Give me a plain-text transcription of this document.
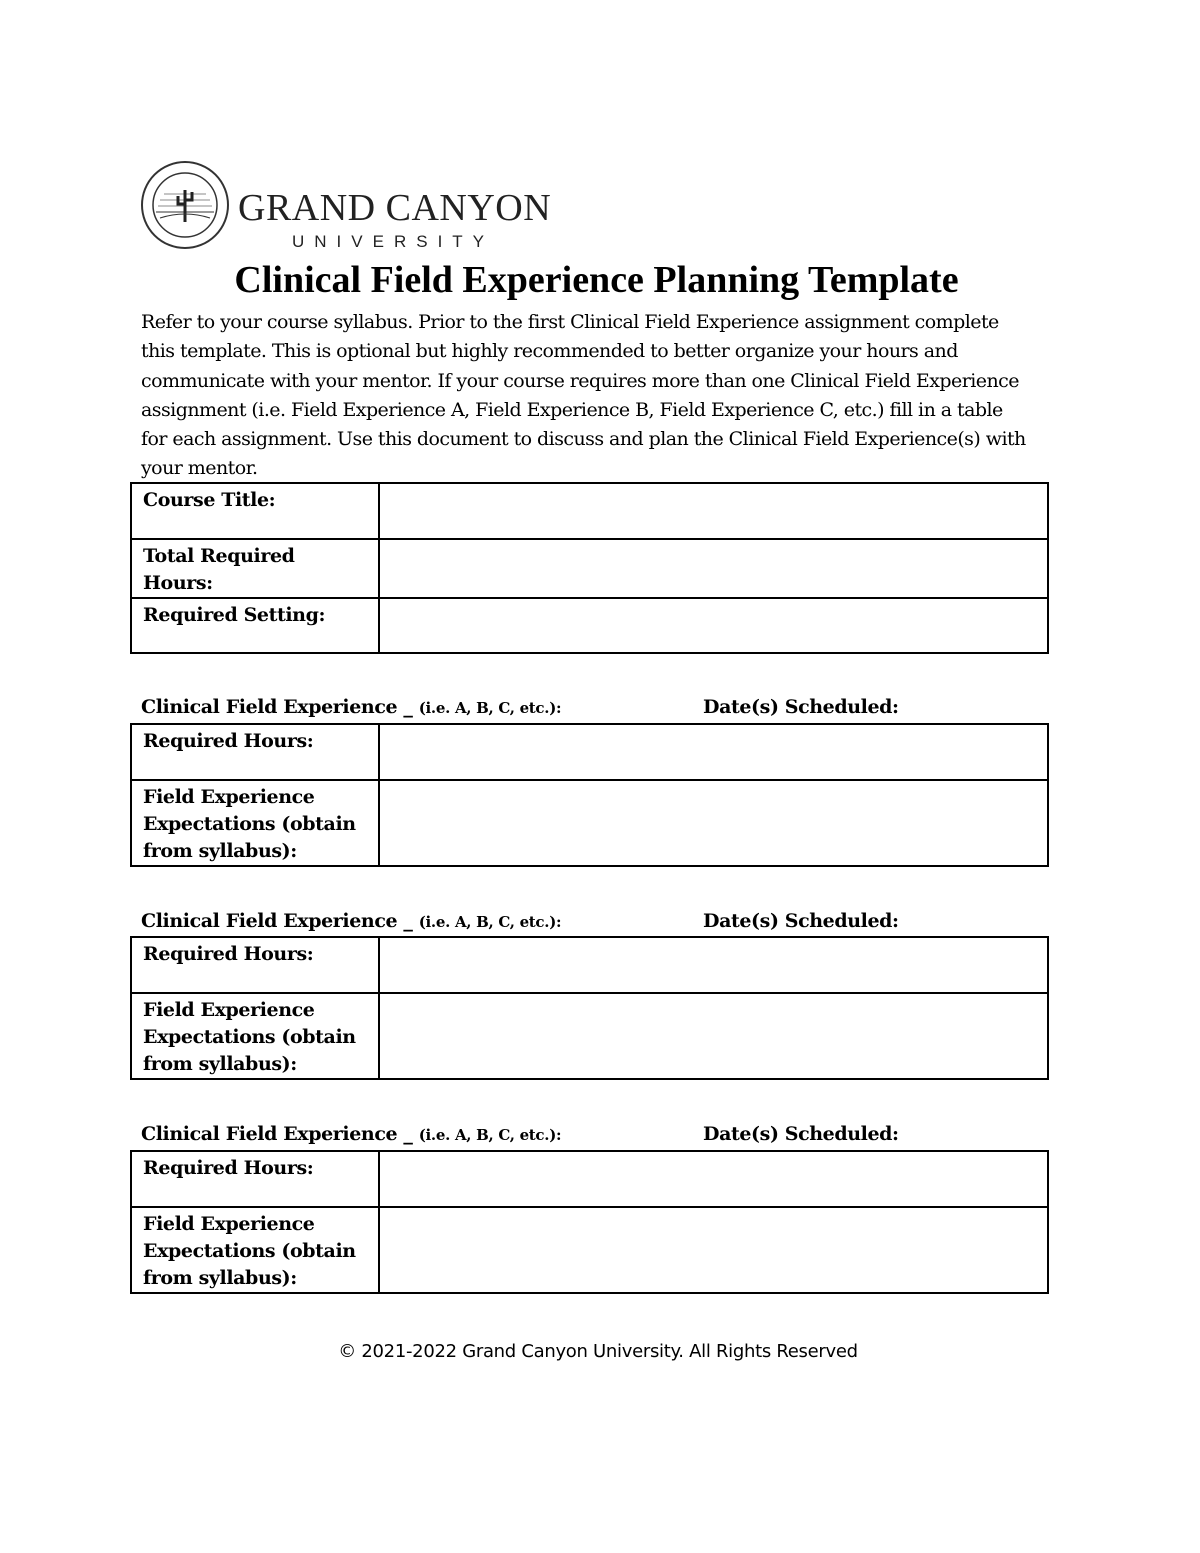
GRAND CANYON
UNIVERSITY
Clinical Field Experience Planning Template

Refer to your course syllabus. Prior to the first Clinical Field Experience assignment complete
this template. This is optional but highly recommended to better organize your hours and
communicate with your mentor. If your course requires more than one Clinical Field Experience
assignment (i.e. Field Experience A, Field Experience B, Field Experience C, etc.) fill in a table
for each assignment. Use this document to discuss and plan the Clinical Field Experience(s) with
your mentor.

Course Title:	
Total Required Hours:	
Required Setting:	
Clinical Field Experience _ (i.e. A, B, C, etc.):	Date(s) Scheduled:
Required Hours:	
Field Experience Expectations (obtain from syllabus):	
Clinical Field Experience _ (i.e. A, B, C, etc.):	Date(s) Scheduled:
Required Hours:	
Field Experience Expectations (obtain from syllabus):	
Clinical Field Experience _ (i.e. A, B, C, etc.):	Date(s) Scheduled:
Required Hours:	
Field Experience Expectations (obtain from syllabus):	
© 2021-2022 Grand Canyon University. All Rights Reserved
